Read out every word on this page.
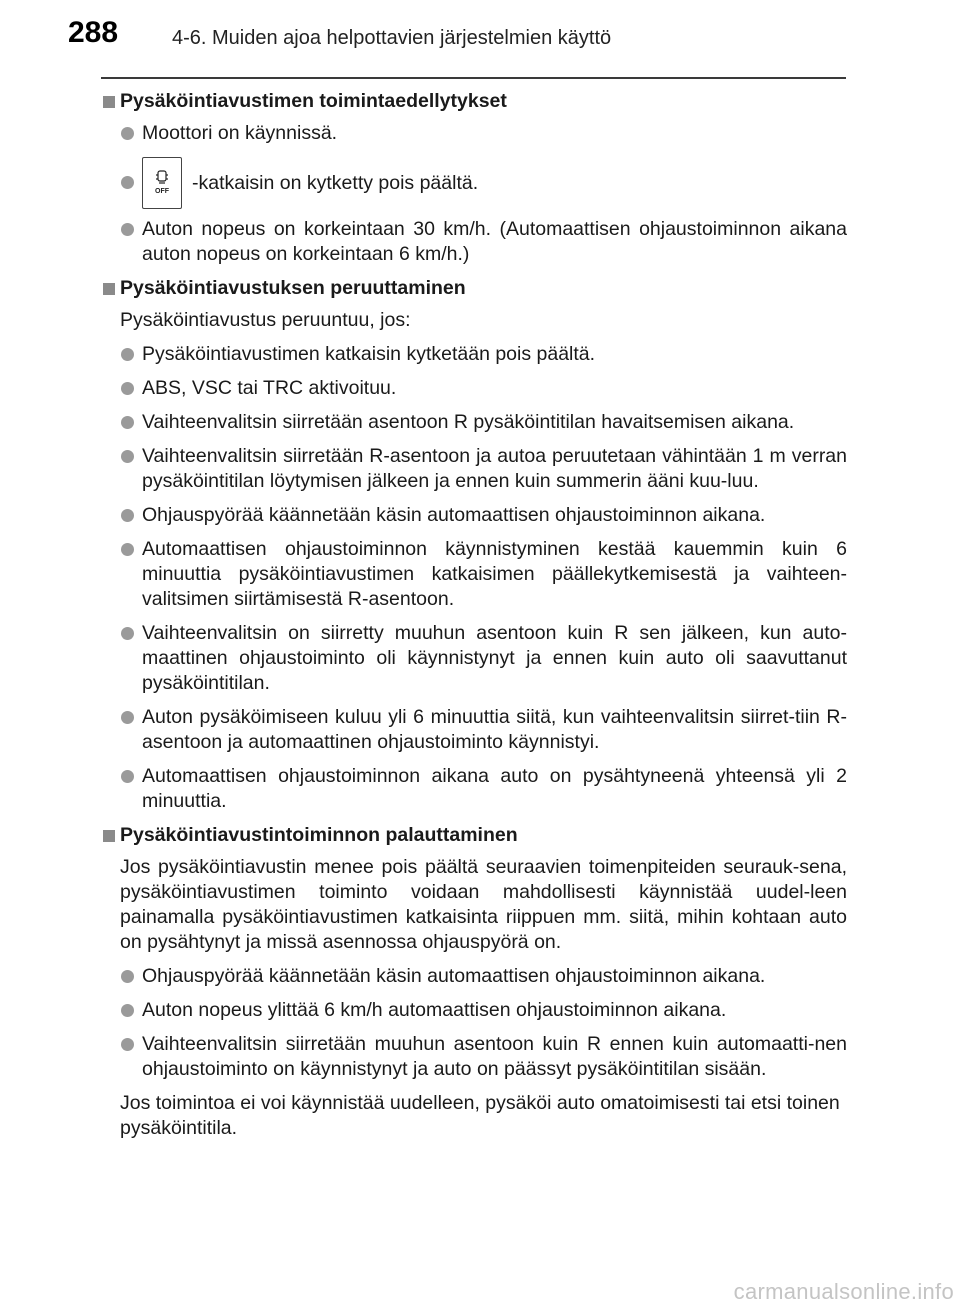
288	4-6. Muiden ajoa helpottavien järjestelmien käyttö
Pysäköintiavustimen toimintaedellytykset
Moottori on käynnissä.
OFF -katkaisin on kytketty pois päältä.
Auton nopeus on korkeintaan 30 km/h. (Automaattisen ohjaustoiminnon aikana auton nopeus on korkeintaan 6 km/h.)
Pysäköintiavustuksen peruuttaminen
Pysäköintiavustus peruuntuu, jos:
Pysäköintiavustimen katkaisin kytketään pois päältä.
ABS, VSC tai TRC aktivoituu.
Vaihteenvalitsin siirretään asentoon R pysäköintitilan havaitsemisen aikana.
Vaihteenvalitsin siirretään R-asentoon ja autoa peruutetaan vähintään 1 m verran pysäköintitilan löytymisen jälkeen ja ennen kuin summerin ääni kuu-luu.
Ohjauspyörää käännetään käsin automaattisen ohjaustoiminnon aikana.
Automaattisen ohjaustoiminnon käynnistyminen kestää kauemmin kuin 6 minuuttia pysäköintiavustimen katkaisimen päällekytkemisestä ja vaihteen-valitsimen siirtämisestä R-asentoon.
Vaihteenvalitsin on siirretty muuhun asentoon kuin R sen jälkeen, kun auto-maattinen ohjaustoiminto oli käynnistynyt ja ennen kuin auto oli saavuttanut pysäköintitilan.
Auton pysäköimiseen kuluu yli 6 minuuttia siitä, kun vaihteenvalitsin siirret-tiin R-asentoon ja automaattinen ohjaustoiminto käynnistyi.
Automaattisen ohjaustoiminnon aikana auto on pysähtyneenä yhteensä yli 2 minuuttia.
Pysäköintiavustintoiminnon palauttaminen
Jos pysäköintiavustin menee pois päältä seuraavien toimenpiteiden seurauk-sena, pysäköintiavustimen toiminto voidaan mahdollisesti käynnistää uudel-leen painamalla pysäköintiavustimen katkaisinta riippuen mm. siitä, mihin kohtaan auto on pysähtynyt ja missä asennossa ohjauspyörä on.
Ohjauspyörää käännetään käsin automaattisen ohjaustoiminnon aikana.
Auton nopeus ylittää 6 km/h automaattisen ohjaustoiminnon aikana.
Vaihteenvalitsin siirretään muuhun asentoon kuin R ennen kuin automaatti-nen ohjaustoiminto on käynnistynyt ja auto on päässyt pysäköintitilan sisään.
Jos toimintoa ei voi käynnistää uudelleen, pysäköi auto omatoimisesti tai etsi toinen pysäköintitila.
carmanualsonline.info
